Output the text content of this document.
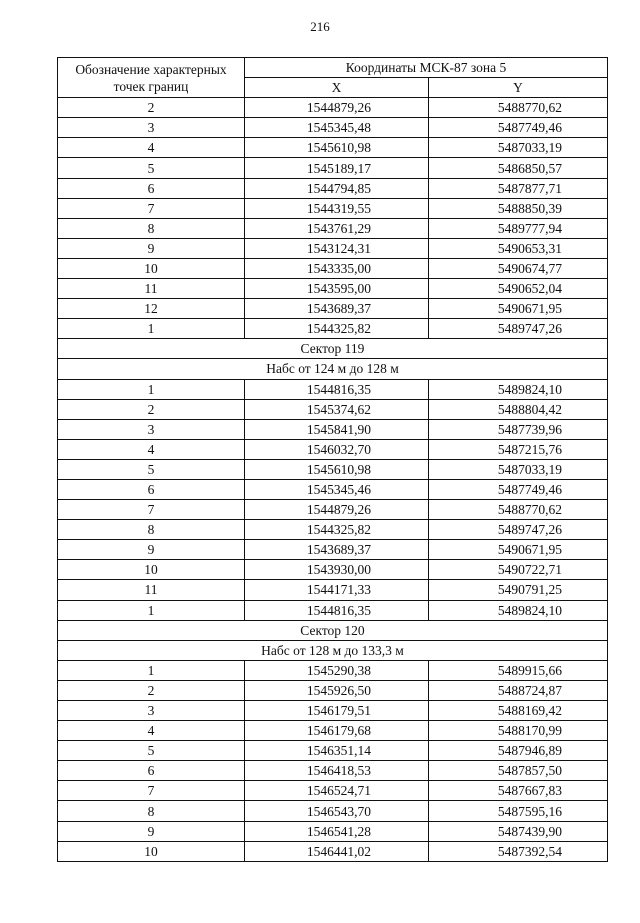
216
Обозначение характерных
точек границ	Координаты МСК-87 зона 5	
	X	Y
2	1544879,26	5488770,62
3	1545345,48	5487749,46
4	1545610,98	5487033,19
5	1545189,17	5486850,57
6	1544794,85	5487877,71
7	1544319,55	5488850,39
8	1543761,29	5489777,94
9	1543124,31	5490653,31
10	1543335,00	5490674,77
11	1543595,00	5490652,04
12	1543689,37	5490671,95
1	1544325,82	5489747,26
Сектор 119		
Набс от 124 м до 128 м		
1	1544816,35	5489824,10
2	1545374,62	5488804,42
3	1545841,90	5487739,96
4	1546032,70	5487215,76
5	1545610,98	5487033,19
6	1545345,46	5487749,46
7	1544879,26	5488770,62
8	1544325,82	5489747,26
9	1543689,37	5490671,95
10	1543930,00	5490722,71
11	1544171,33	5490791,25
1	1544816,35	5489824,10
Сектор 120		
Набс от 128 м до 133,3 м		
1	1545290,38	5489915,66
2	1545926,50	5488724,87
3	1546179,51	5488169,42
4	1546179,68	5488170,99
5	1546351,14	5487946,89
6	1546418,53	5487857,50
7	1546524,71	5487667,83
8	1546543,70	5487595,16
9	1546541,28	5487439,90
10	1546441,02	5487392,54
